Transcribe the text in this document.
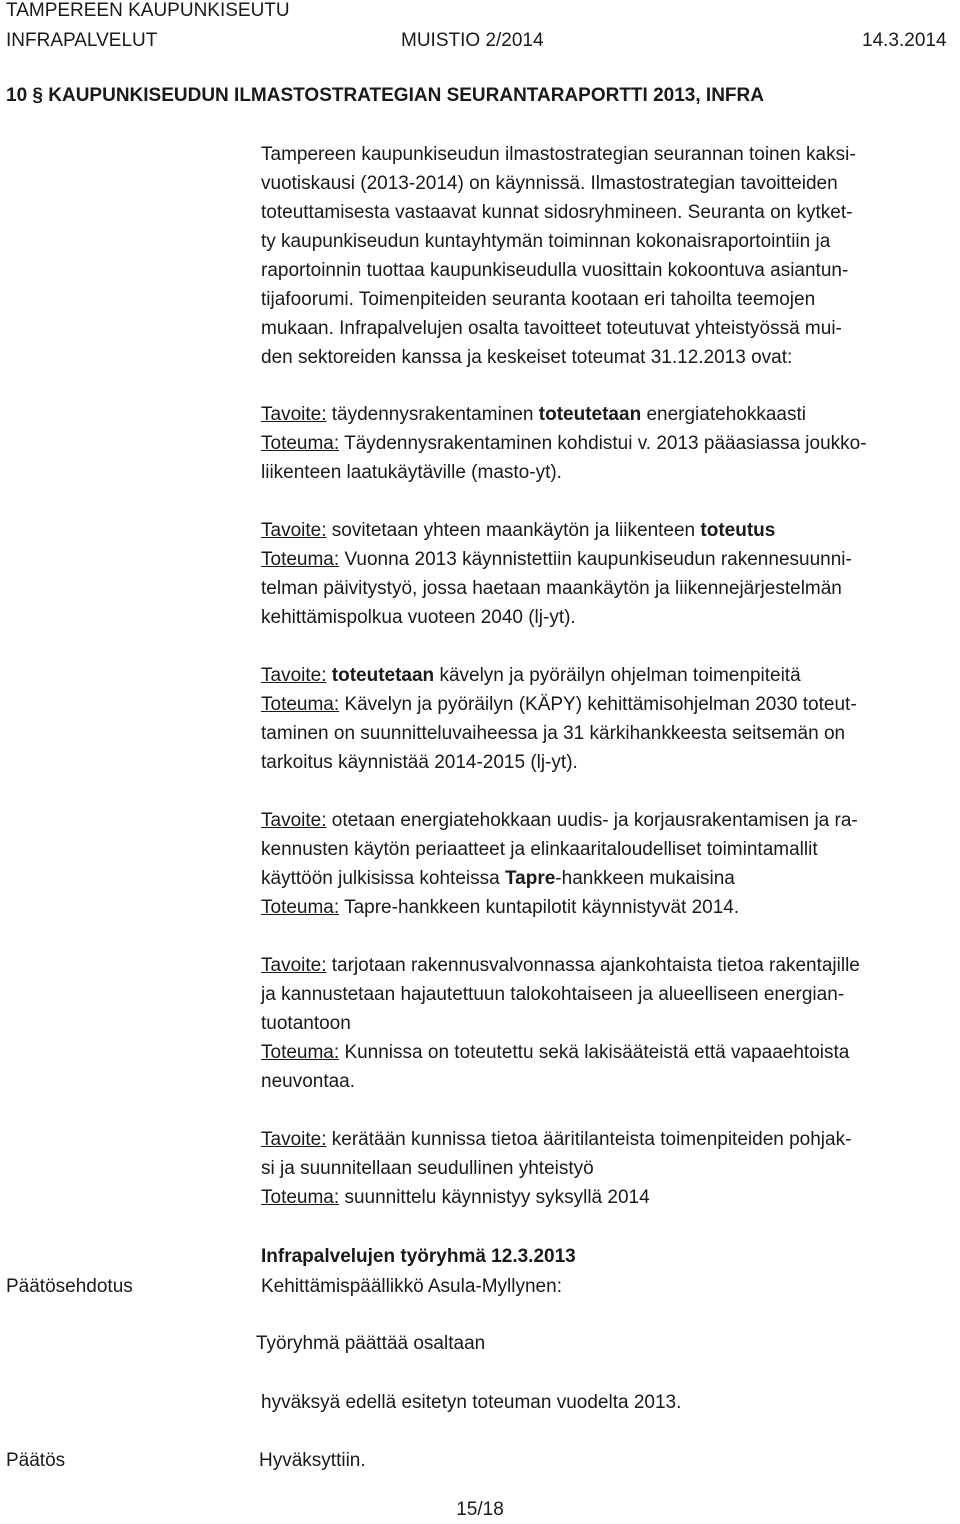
TAMPEREEN KAUPUNKISEUTU
INFRAPALVELUT	MUISTIO 2/2014	14.3.2014
10 § KAUPUNKISEUDUN ILMASTOSTRATEGIAN SEURANTARAPORTTI 2013, INFRA
Tampereen kaupunkiseudun ilmastostrategian seurannan toinen kaksi-
vuotiskausi (2013-2014) on käynnissä. Ilmastostrategian tavoitteiden
toteuttamisesta vastaavat kunnat sidosryhmineen. Seuranta on kytket-
ty kaupunkiseudun kuntayhtymän toiminnan kokonaisraportointiin ja
raportoinnin tuottaa kaupunkiseudulla vuosittain kokoontuva asiantun-
tijafoorumi. Toimenpiteiden seuranta kootaan eri tahoilta teemojen
mukaan. Infrapalvelujen osalta tavoitteet toteutuvat yhteistyössä mui-
den sektoreiden kanssa ja keskeiset toteumat 31.12.2013 ovat:
Tavoite: täydennysrakentaminen toteutetaan energiatehokkaasti
Toteuma: Täydennysrakentaminen kohdistui v. 2013 pääasiassa joukko-
liikenteen laatukäytäville (masto-yt).
Tavoite: sovitetaan yhteen maankäytön ja liikenteen toteutus
Toteuma: Vuonna 2013 käynnistettiin kaupunkiseudun rakennesuunni-
telman päivitystyö, jossa haetaan maankäytön ja liikennejärjestelmän
kehittämispolkua vuoteen 2040 (lj-yt).
Tavoite: toteutetaan kävelyn ja pyöräilyn ohjelman toimenpiteitä
Toteuma: Kävelyn ja pyöräilyn (KÄPY) kehittämisohjelman 2030 toteut-
taminen on suunnitteluvaiheessa ja 31 kärkihankkeesta seitsemän on
tarkoitus käynnistää 2014-2015 (lj-yt).
Tavoite: otetaan energiatehokkaan uudis- ja korjausrakentamisen ja ra-
kennusten käytön periaatteet ja elinkaaritaloudelliset toimintamallit
käyttöön julkisissa kohteissa Tapre-hankkeen mukaisina
Toteuma: Tapre-hankkeen kuntapilotit käynnistyvät 2014.
Tavoite: tarjotaan rakennusvalvonnassa ajankohtaista tietoa rakentajille
ja kannustetaan hajautettuun talokohtaiseen ja alueelliseen energian-
tuotantoon
Toteuma: Kunnissa on toteutettu sekä lakisääteistä että vapaaehtoista
neuvontaa.
Tavoite: kerätään kunnissa tietoa ääritilanteista toimenpiteiden pohjak-
si ja suunnitellaan seudullinen yhteistyö
Toteuma: suunnittelu käynnistyy syksyllä 2014
Infrapalvelujen työryhmä 12.3.2013
Päätösehdotus	Kehittämispäällikkö Asula-Myllynen:
Työryhmä päättää osaltaan
hyväksyä edellä esitetyn toteuman vuodelta 2013.
Päätös	Hyväksyttiin.
15/18
